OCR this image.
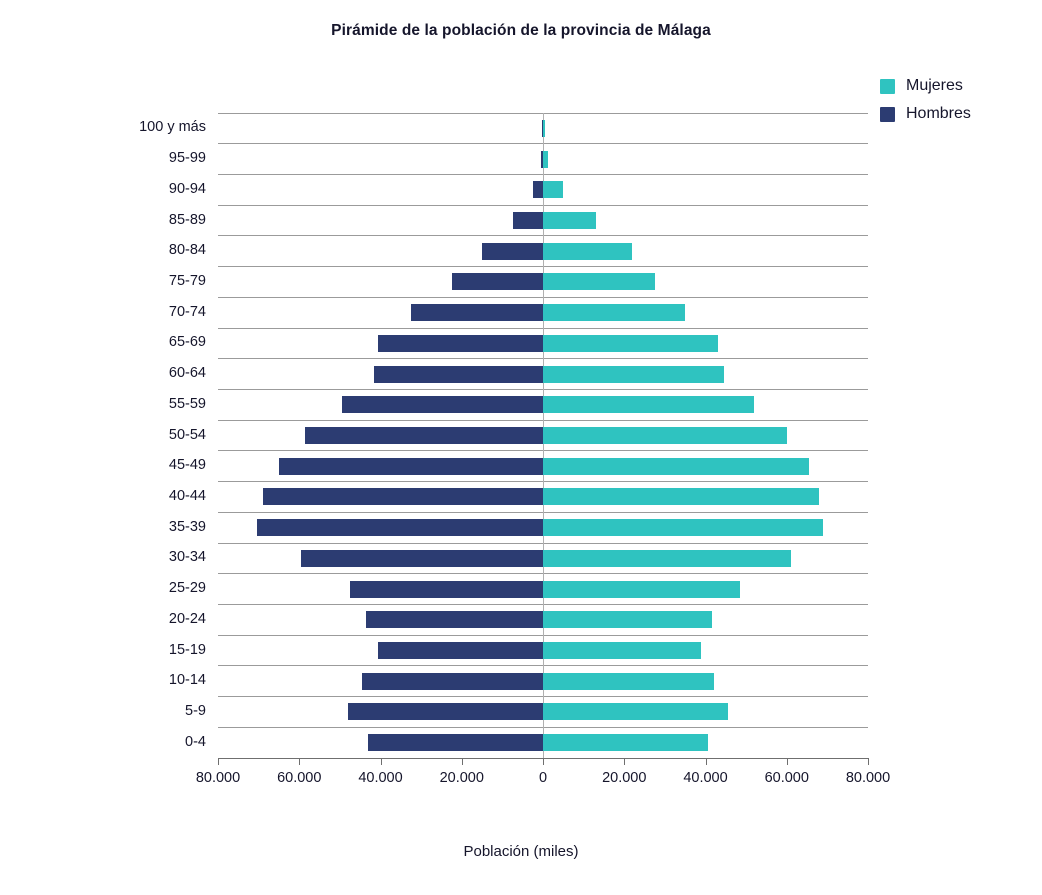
Pirámide de la población de la provincia de Málaga
Mujeres
Hombres
0-4
5-9
10-14
15-19
20-24
25-29
30-34
35-39
40-44
45-49
50-54
55-59
60-64
65-69
70-74
75-79
80-84
85-89
90-94
95-99
100 y más
Población (miles)
80.000	60.000	40.000	20.000	0	20.000	40.000	60.000	80.000
